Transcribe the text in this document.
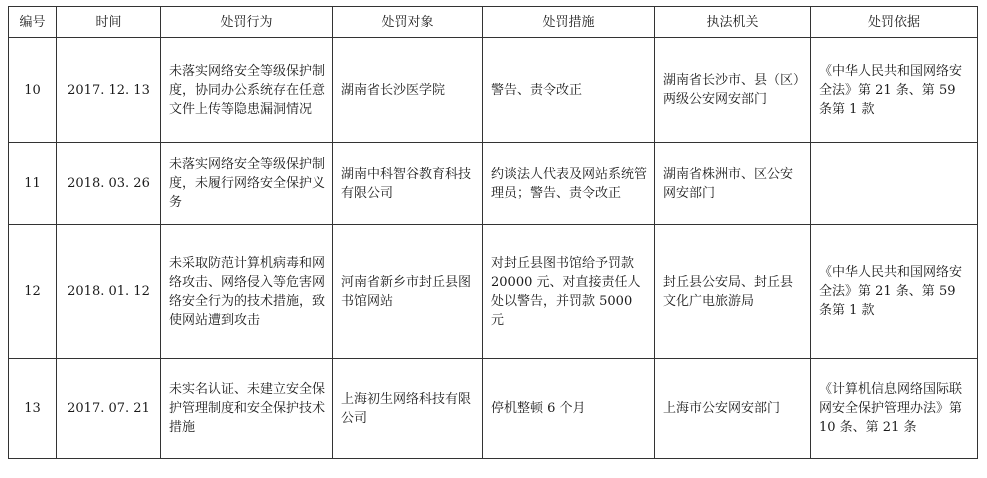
编号	时间	处罚行为	处罚对象	处罚措施	执法机关	处罚依据
10	2017. 12. 13	未落实网络安全等级保护制度，协同办公系统存在任意文件上传等隐患漏洞情况	湖南省长沙医学院	警告、责令改正	湖南省长沙市、县（区）两级公安网安部门	《中华人民共和国网络安全法》第 21 条、第 59 条第 1 款
11	2018. 03. 26	未落实网络安全等级保护制度，未履行网络安全保护义务	湖南中科智谷教育科技有限公司	约谈法人代表及网站系统管理员；警告、责令改正	湖南省株洲市、区公安网安部门	
12	2018. 01. 12	未采取防范计算机病毒和网络攻击、网络侵入等危害网络安全行为的技术措施，致使网站遭到攻击	河南省新乡市封丘县图书馆网站	对封丘县图书馆给予罚款 20000 元、对直接责任人处以警告，并罚款 5000 元	封丘县公安局、封丘县文化广电旅游局	《中华人民共和国网络安全法》第 21 条、第 59 条第 1 款
13	2017. 07. 21	未实名认证、未建立安全保护管理制度和安全保护技术措施	上海初生网络科技有限公司	停机整顿 6 个月	上海市公安网安部门	《计算机信息网络国际联网安全保护管理办法》第 10 条、第 21 条
